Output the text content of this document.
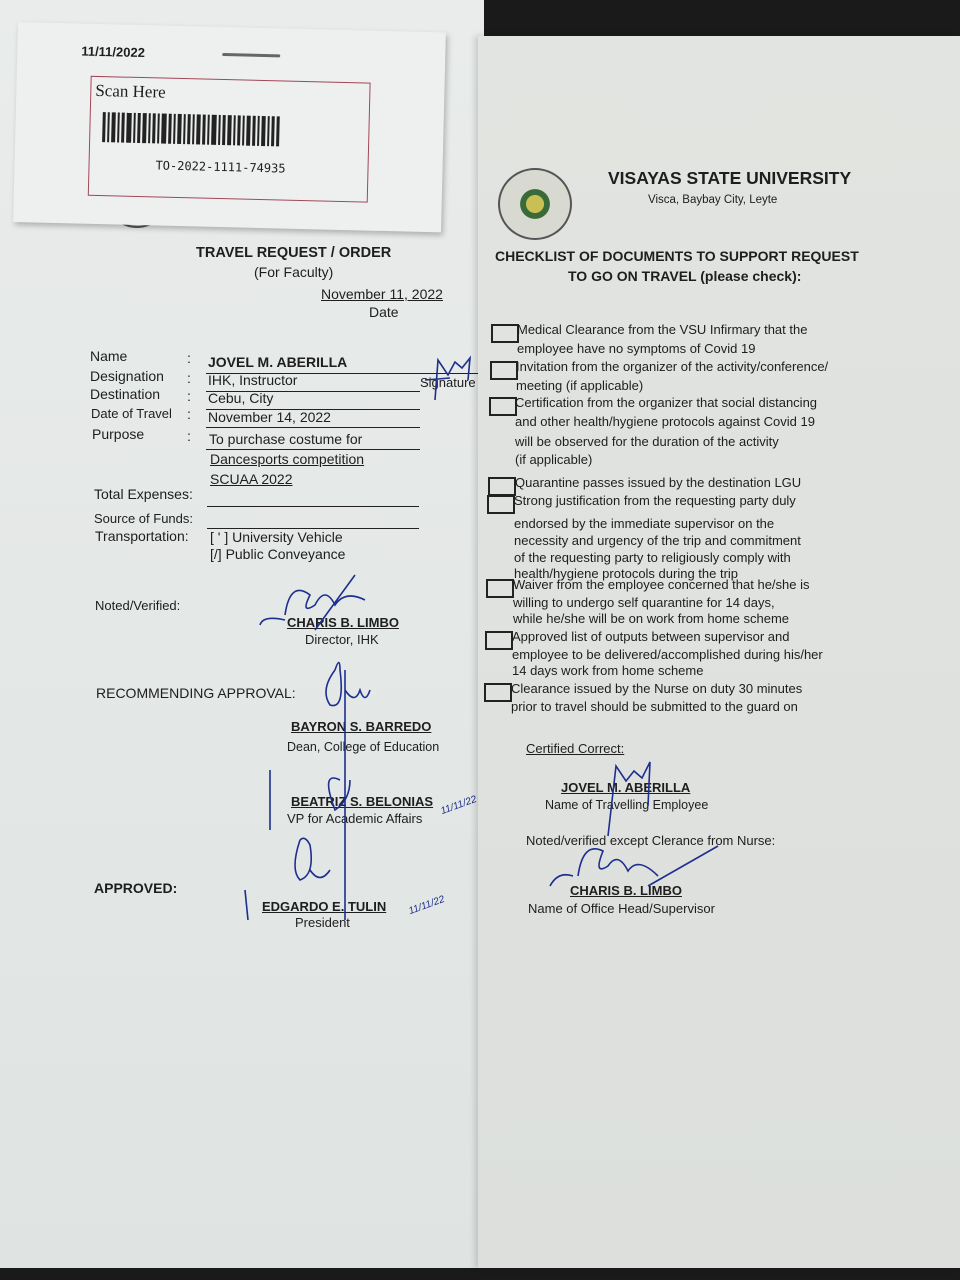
TRAVEL REQUEST / ORDER
(For Faculty)
November 11, 2022
Date
Name	: JOVEL M. ABERILLA
Designation : IHK, Instructor	Signature
Destination : Cebu, City
Date of Travel : November 14, 2022
Purpose	: To purchase costume for
Dancesports competition
SCUAA 2022
Total Expenses:
Source of Funds:
Transportation: [ ' ] University Vehicle
[/] Public Conveyance
Noted/Verified:
CHARIS B. LIMBO
Director, IHK
RECOMMENDING APPROVAL:
BAYRON S. BARREDO
Dean, College of Education
BEATRIZ S. BELONIAS
VP for Academic Affairs
11/11/22
APPROVED:
EDGARDO E. TULIN
President
11/11/22
11/11/2022
Scan Here
TO-2022-1111-74935
VISAYAS STATE UNIVERSITY
Visca, Baybay City, Leyte
CHECKLIST OF DOCUMENTS TO SUPPORT REQUEST
TO GO ON TRAVEL (please check):
Medical Clearance from the VSU Infirmary that the
employee have no symptoms of Covid 19
Invitation from the organizer of the activity/conference/
meeting (if applicable)
Certification from the organizer that social distancing
and other health/hygiene protocols against Covid 19
will be observed for the duration of the activity
(if applicable)
Quarantine passes issued by the destination LGU
Strong justification from the requesting party duly
endorsed by the immediate supervisor on the
necessity and urgency of the trip and commitment
of the requesting party to religiously comply with
health/hygiene protocols during the trip
Waiver from the employee concerned that he/she is
willing to undergo self quarantine for 14 days,
while he/she will be on work from home scheme
Approved list of outputs between supervisor and
employee to be delivered/accomplished during his/her
14 days work from home scheme
Clearance issued by the Nurse on duty 30 minutes
prior to travel should be submitted to the guard on
Certified Correct:
JOVEL M. ABERILLA
Name of Travelling Employee
Noted/verified except Clerance from Nurse:
CHARIS B. LIMBO
Name of Office Head/Supervisor
